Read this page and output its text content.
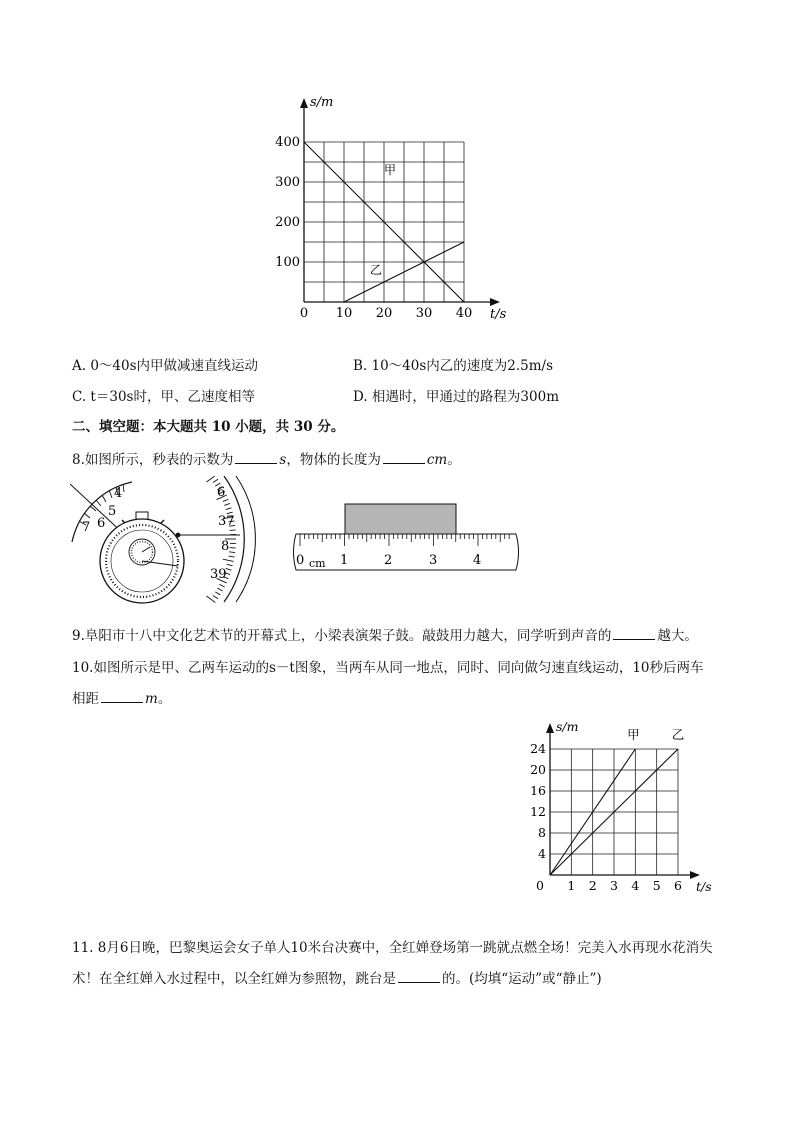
0 10 20 30 40
100
200
300
400
t/s
s/m
甲
乙
A. 0～40s内甲做减速直线运动	B. 10～40s内乙的速度为2.5m/s
C. t＝30s时，甲、乙速度相等	D. 相遇时，甲通过的路程为300m
二、填空题：本大题共 10 小题，共 30 分。
8.如图所示，秒表的示数为	s，物体的长度为	cm。
4
5
6
7
6
37
8
39
0 cm 1	2	3	4
9.阜阳市十八中文化艺术节的开幕式上，小梁表演架子鼓。敲鼓用力越大，同学听到声音的	越大。
10.如图所示是甲、乙两车运动的s－t图象，当两车从同一地点，同时、同向做匀速直线运动，10秒后两车
相距	m。
0 1 2 3 4 5 6
4
8
12
16
20
24
t/s
s/m
甲	乙
11. 8月6日晚，巴黎奥运会女子单人10米台决赛中，全红婵登场第一跳就点燃全场！完美入水再现水花消失
术！在全红婵入水过程中，以全红婵为参照物，跳台是	的。(均填“运动”或“静止”)
